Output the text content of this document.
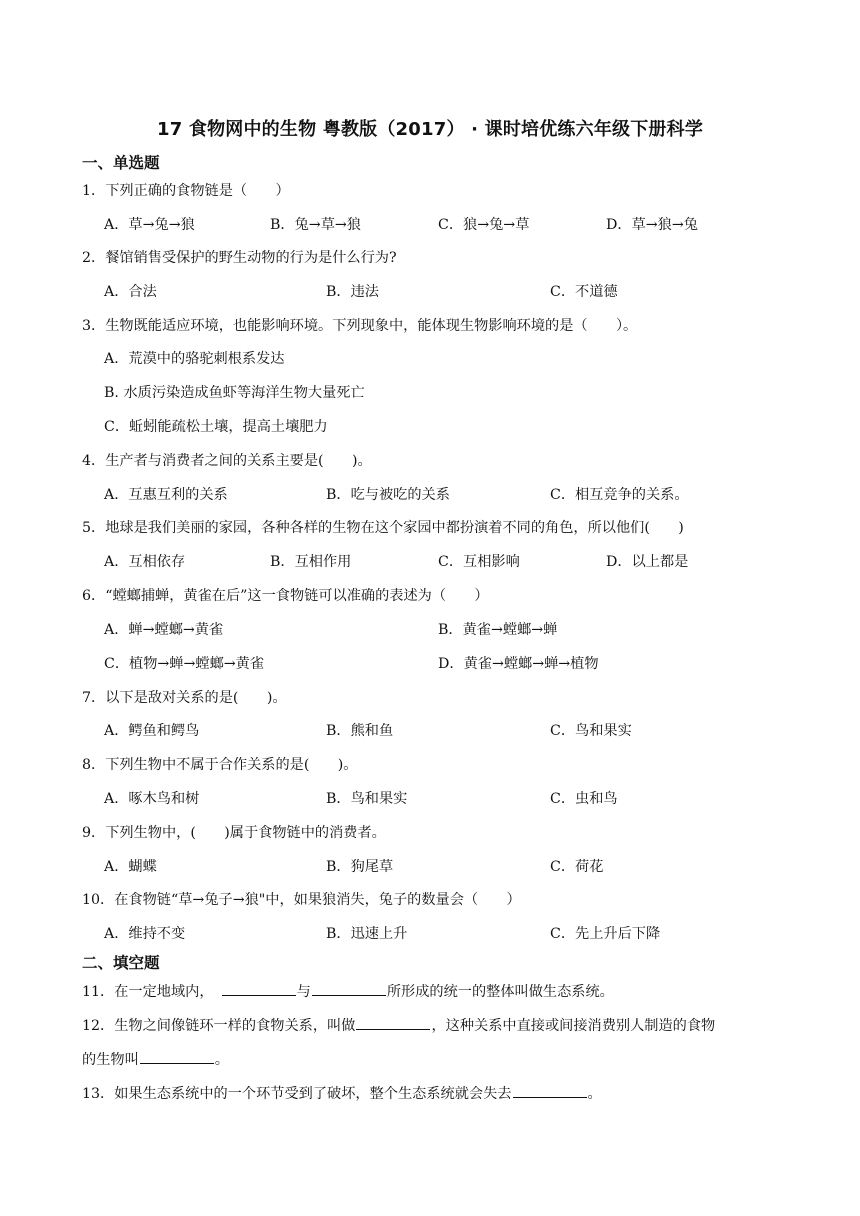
17 食物网中的生物 粤教版（2017） · 课时培优练六年级下册科学
一、单选题
1．下列正确的食物链是（　　）
A．草→兔→狼	B．兔→草→狼	C．狼→兔→草	D．草→狼→兔
2．餐馆销售受保护的野生动物的行为是什么行为?
A．合法	B．违法	C．不道德
3．生物既能适应环境，也能影响环境。下列现象中，能体现生物影响环境的是（　　）。
A．荒漠中的骆驼刺根系发达
B. 水质污染造成鱼虾等海洋生物大量死亡
C．蚯蚓能疏松土壤，提高土壤肥力
4．生产者与消费者之间的关系主要是(　　)。
A．互惠互利的关系	B．吃与被吃的关系	C．相互竞争的关系。
5．地球是我们美丽的家园，各种各样的生物在这个家园中都扮演着不同的角色，所以他们(　　)
A．互相依存	B．互相作用	C．互相影响	D．以上都是
6．“螳螂捕蝉，黄雀在后”这一食物链可以准确的表述为（　　）
A．蝉→螳螂→黄雀	B．黄雀→螳螂→蝉
C．植物→蝉→螳螂→黄雀	D．黄雀→螳螂→蝉→植物
7．以下是敌对关系的是(　　)。
A．鳄鱼和鳄鸟	B．熊和鱼	C．鸟和果实
8．下列生物中不属于合作关系的是(　　)。
A．啄木鸟和树	B．鸟和果实	C．虫和鸟
9．下列生物中，(　　)属于食物链中的消费者。
A．蝴蝶	B．狗尾草	C．荷花
10．在食物链“草→兔子→狼"中，如果狼消失，兔子的数量会（　　）
A．维持不变	B．迅速上升	C．先上升后下降
二、填空题
11．在一定地域内，　	与	所形成的统一的整体叫做生态系统。
12．生物之间像链环一样的食物关系，叫做	，这种关系中直接或间接消费别人制造的食物
的生物叫	。
13．如果生态系统中的一个环节受到了破坏，整个生态系统就会失去	。
